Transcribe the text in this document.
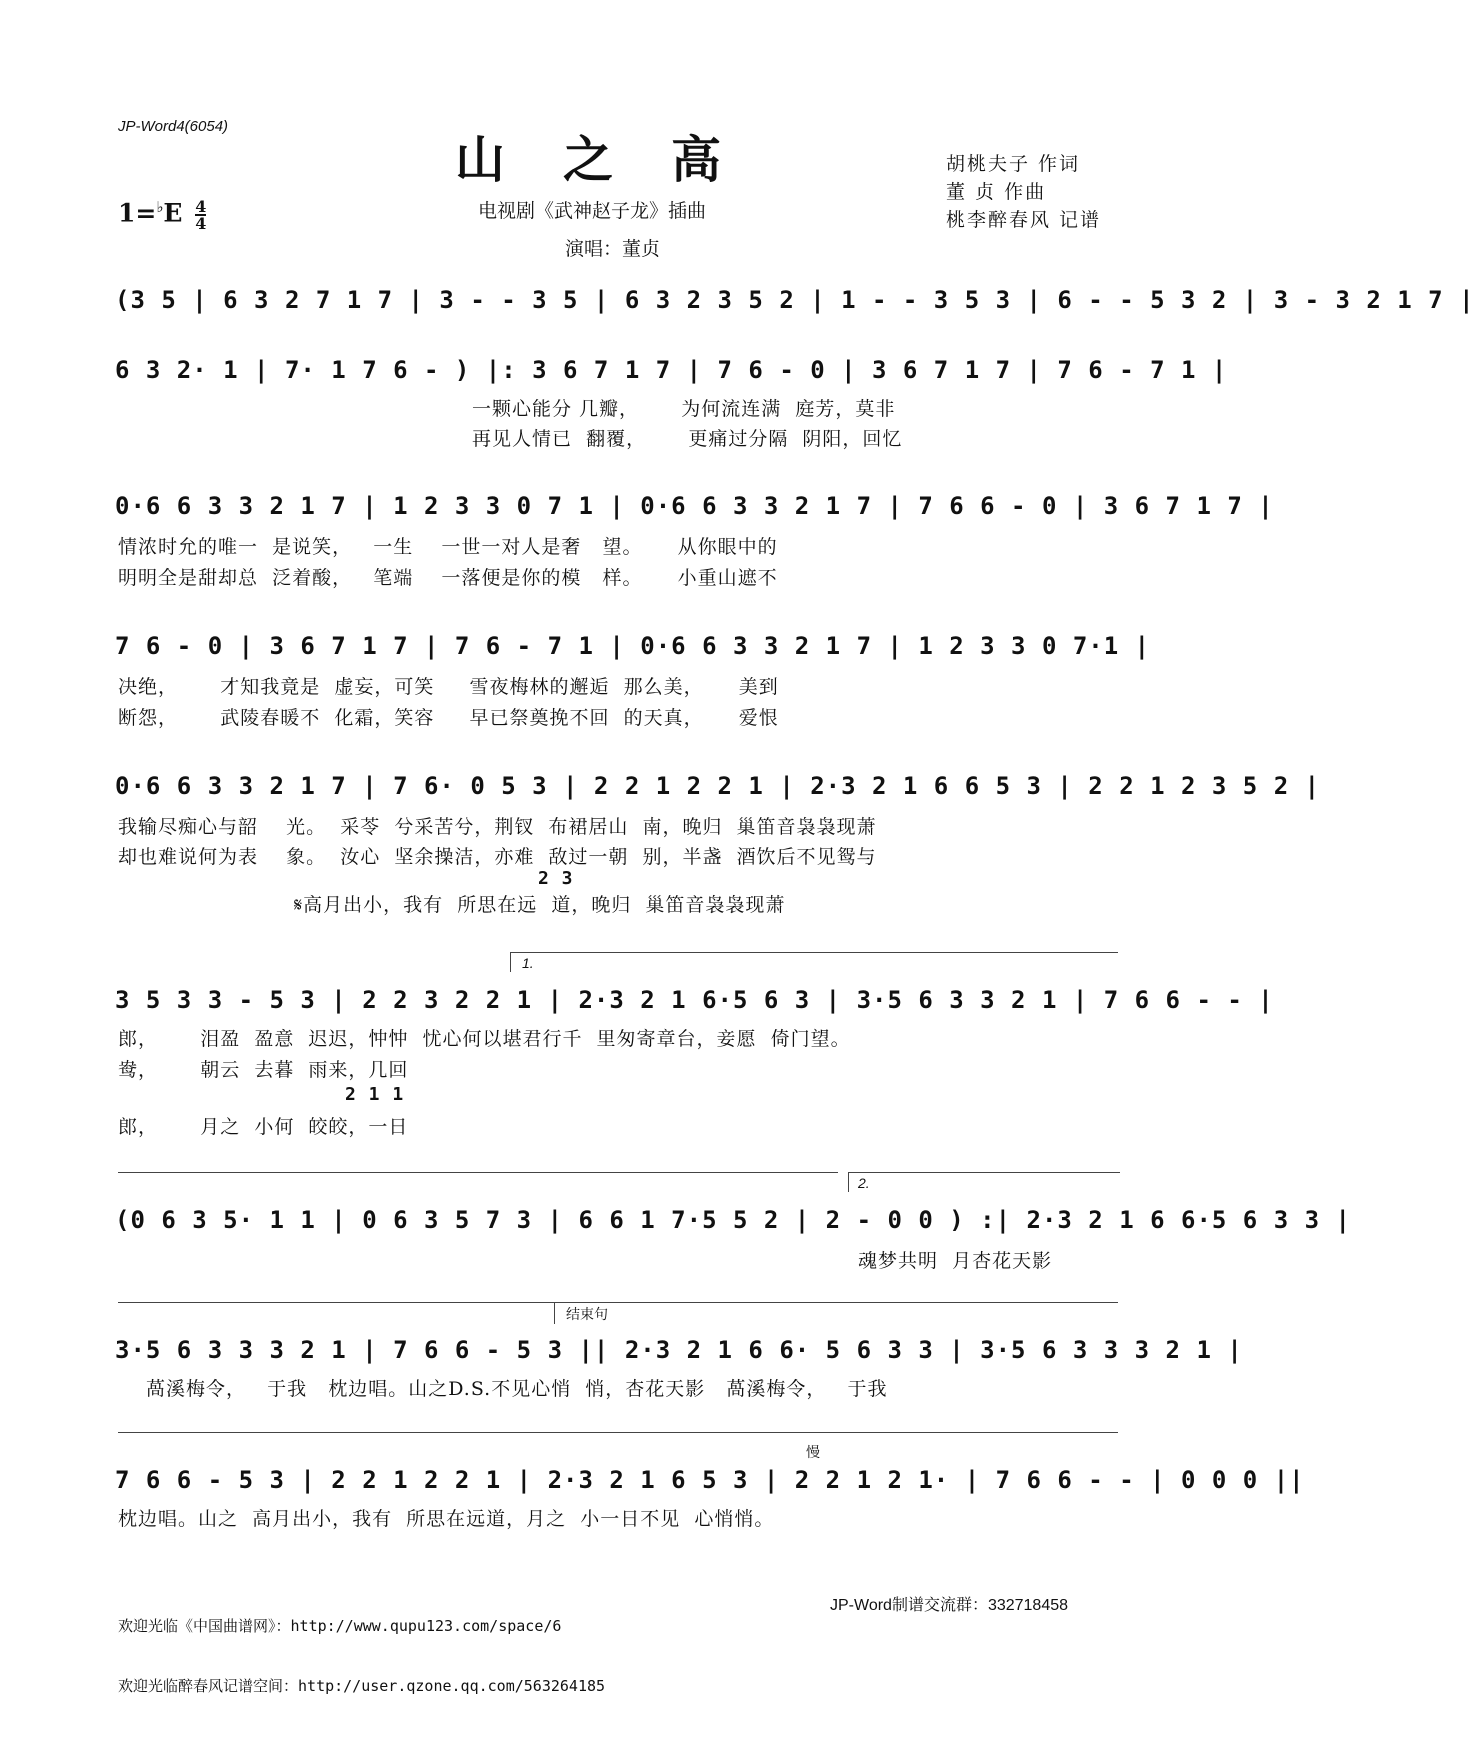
JP-Word4(6054)
山之高
电视剧《武神赵子龙》插曲
演唱：董贞
$1=^♭E \frac{4}{4}$
胡桃夫子 作词
董 贞 作曲
桃李醉春风 记谱
(3 5 | 6 3 2 7 1 7 | 3 - - 3 5 | 6 3 2 3 5 2 | 1 - - 3 5 3 | 6 - - 5 3 2 | 3 - 3 2 1 7 |
6 3 2· 1 | 7· 1 7 6 - ) |: 3 6 7 1 7 | 7 6 - 0 | 3 6 7 1 7 | 7 6 - 7 1 |
一颗心能分 几瓣，      为何流连满  庭芳，莫非
再见人情已  翻覆，      更痛过分隔  阴阳，回忆
0·6 6 3 3 2 1 7 | 1 2 3 3 0 7 1 | 0·6 6 3 3 2 1 7 | 7 6 6 - 0 | 3 6 7 1 7 |
情浓时允的唯一  是说笑，   一生    一世一对人是奢   望。     从你眼中的
明明全是甜却总  泛着酸，   笔端    一落便是你的模   样。     小重山遮不
7 6 - 0 | 3 6 7 1 7 | 7 6 - 7 1 | 0·6 6 3 3 2 1 7 | 1 2 3 3 0 7·1 |
决绝，      才知我竟是  虚妄，可笑     雪夜梅林的邂逅  那么美，     美到
断怨，      武陵春暖不  化霜，笑容     早已祭奠挽不回  的天真，     爱恨
0·6 6 3 3 2 1 7 | 7 6· 0 5 3 | 2 2 1 2 2 1 | 2·3 2 1 6 6 5 3 | 2 2 1 2 3 5 2 |
我输尽痴心与韶    光。  采苓  兮采苦兮，荆钗  布裙居山  南，晚归  巢笛音袅袅现萧
却也难说何为表    象。  汝心  坚余操洁，亦难  敌过一朝  别，半盏  酒饮后不见鸳与
2 3
𝄋高月出小，我有  所思在远  道，晚归  巢笛音袅袅现萧
1.
3 5 3 3 - 5 3 | 2 2 3 2 2 1 | 2·3 2 1 6·5 6 3 | 3·5 6 3 3 2 1 | 7 6 6 - - |
郎，      泪盈  盈意  迟迟，忡忡  忧心何以堪君行千  里匆寄章台，妾愿  倚门望。
鸯，      朝云  去暮  雨来，几回
2 1 1
郎，      月之  小何  皎皎，一日
2.
(0 6 3 5· 1 1 | 0 6 3 5 7 3 | 6 6 1 7·5 5 2 | 2 - 0 0 ) :| 2·3 2 1 6 6·5 6 3 3 |
魂梦共明  月杏花天影
结束句
3·5 6 3 3 3 2 1 | 7 6 6 - 5 3 || 2·3 2 1 6 6· 5 6 3 3 | 3·5 6 3 3 3 2 1 |
萵溪梅令，   于我   枕边唱。山之D.S.不见心悄  悄，杏花天影   萵溪梅令，   于我
慢
7 6 6 - 5 3 | 2 2 1 2 2 1 | 2·3 2 1 6 5 3 | 2 2 1 2 1· | 7 6 6 - - | 0 0 0 ||
枕边唱。山之  高月出小，我有  所思在远道，月之  小一日不见  心悄悄。

欢迎光临《中国曲谱网》：http://www.qupu123.com/space/6

欢迎光临醉春风记谱空间：http://user.qzone.qq.com/563264185

JP-Word制谱交流群：332718458
